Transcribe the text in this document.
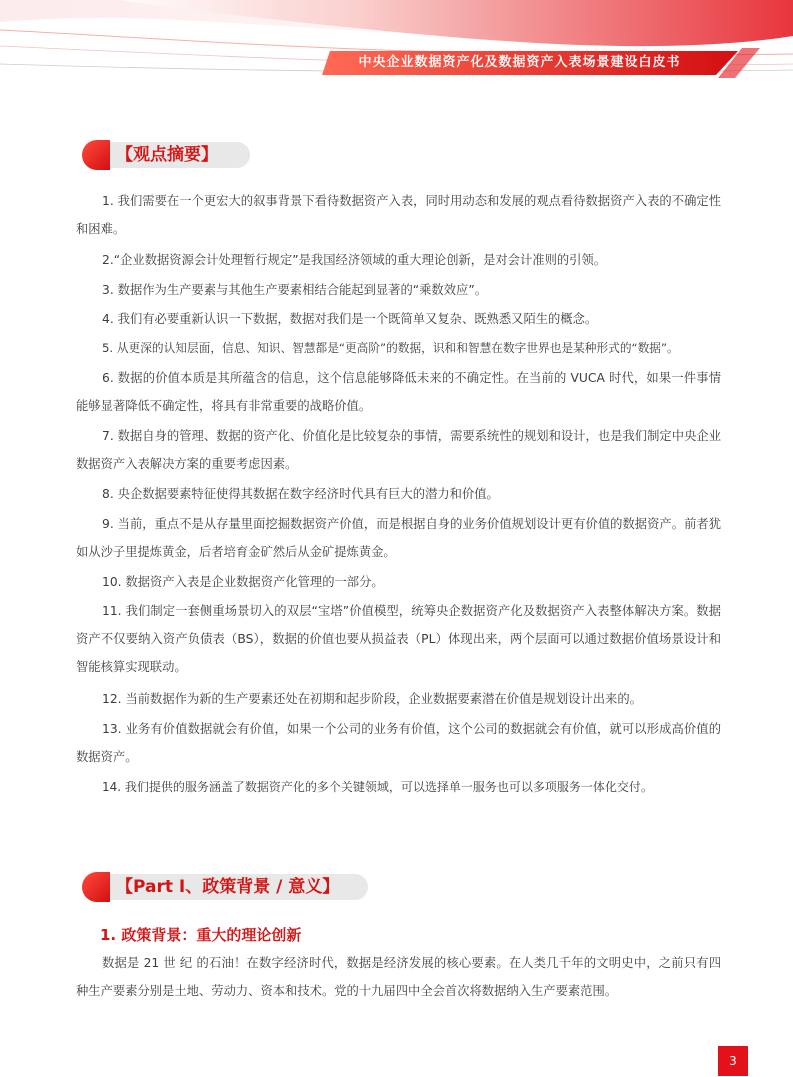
中央企业数据资产化及数据资产入表场景建设白皮书
【观点摘要】

1. 我们需要在一个更宏大的叙事背景下看待数据资产入表，同时用动态和发展的观点看待数据资产入表的不确定性和困难。

2.“企业数据资源会计处理暂行规定”是我国经济领域的重大理论创新，是对会计准则的引领。

3. 数据作为生产要素与其他生产要素相结合能起到显著的“乘数效应”。

4. 我们有必要重新认识一下数据，数据对我们是一个既简单又复杂、既熟悉又陌生的概念。

5. 从更深的认知层面，信息、知识、智慧都是“更高阶”的数据，识和和智慧在数字世界也是某种形式的“数据”。

6. 数据的价值本质是其所蕴含的信息，这个信息能够降低未来的不确定性。在当前的 VUCA 时代，如果一件事情能够显著降低不确定性，将具有非常重要的战略价值。

7. 数据自身的管理、数据的资产化、价值化是比较复杂的事情，需要系统性的规划和设计，也是我们制定中央企业数据资产入表解决方案的重要考虑因素。

8. 央企数据要素特征使得其数据在数字经济时代具有巨大的潜力和价值。

9. 当前，重点不是从存量里面挖掘数据资产价值，而是根据自身的业务价值规划设计更有价值的数据资产。前者犹如从沙子里提炼黄金，后者培育金矿然后从金矿提炼黄金。

10. 数据资产入表是企业数据资产化管理的一部分。

11. 我们制定一套侧重场景切入的双层“宝塔”价值模型，统筹央企数据资产化及数据资产入表整体解决方案。数据资产不仅要纳入资产负债表（BS），数据的价值也要从损益表（PL）体现出来，两个层面可以通过数据价值场景设计和智能核算实现联动。

12. 当前数据作为新的生产要素还处在初期和起步阶段，企业数据要素潜在价值是规划设计出来的。

13. 业务有价值数据就会有价值，如果一个公司的业务有价值，这个公司的数据就会有价值，就可以形成高价值的数据资产。

14. 我们提供的服务涵盖了数据资产化的多个关键领域，可以选择单一服务也可以多项服务一体化交付。

【Part I、政策背景 / 意义】
1. 政策背景：重大的理论创新

数据是 21 世 纪 的石油！在数字经济时代，数据是经济发展的核心要素。在人类几千年的文明史中，之前只有四种生产要素分别是土地、劳动力、资本和技术。党的十九届四中全会首次将数据纳入生产要素范围。

3
